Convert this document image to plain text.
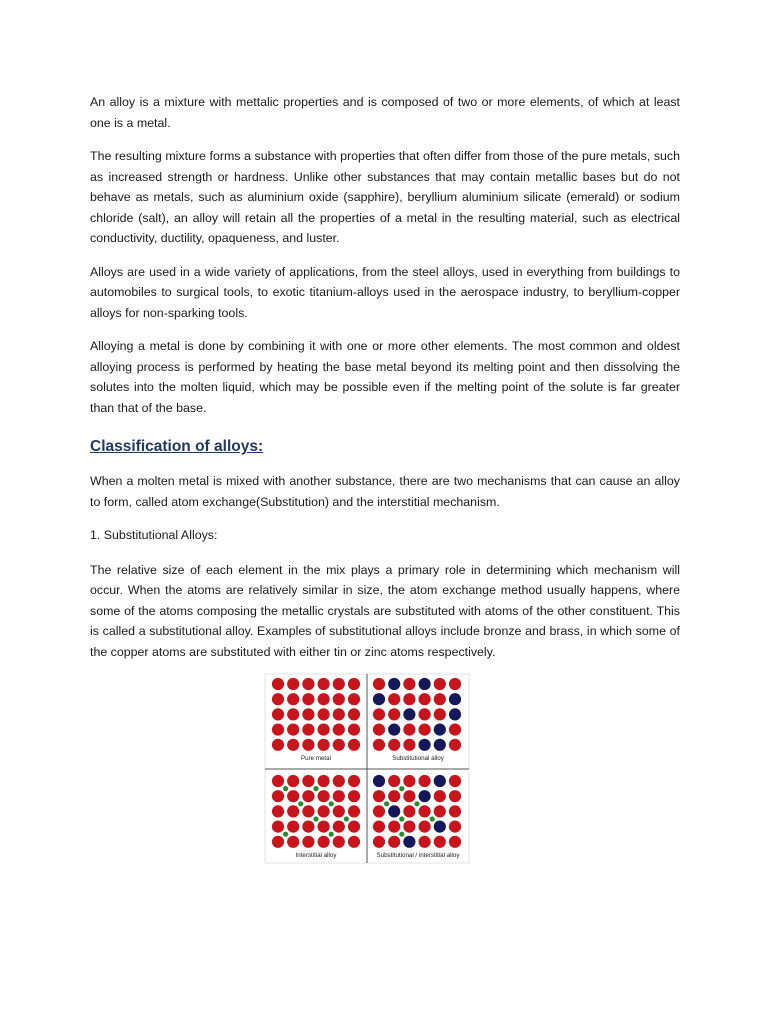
An alloy is a mixture with mettalic properties and is composed of two or more elements, of which at least one is a metal.

The resulting mixture forms a substance with properties that often differ from those of the pure metals, such as increased strength or hardness. Unlike other substances that may contain metallic bases but do not behave as metals, such as aluminium oxide (sapphire), beryllium aluminium silicate (emerald) or sodium chloride (salt), an alloy will retain all the properties of a metal in the resulting material, such as electrical conductivity, ductility, opaqueness, and luster.

Alloys are used in a wide variety of applications, from the steel alloys, used in everything from buildings to automobiles to surgical tools, to exotic titanium-alloys used in the aerospace industry, to beryllium-copper alloys for non-sparking tools.

Alloying a metal is done by combining it with one or more other elements. The most common and oldest alloying process is performed by heating the base metal beyond its melting point and then dissolving the solutes into the molten liquid, which may be possible even if the melting point of the solute is far greater than that of the base.

Classification of alloys:

When a molten metal is mixed with another substance, there are two mechanisms that can cause an alloy to form, called atom exchange(Substitution) and the interstitial mechanism.

1. Substitutional Alloys:

The relative size of each element in the mix plays a primary role in determining which mechanism will occur. When the atoms are relatively similar in size, the atom exchange method usually happens, where some of the atoms composing the metallic crystals are substituted with atoms of the other constituent. This is called a substitutional alloy. Examples of substitutional alloys include bronze and brass, in which some of the copper atoms are substituted with either tin or zinc atoms respectively.

Pure metal	Substitutional alloy
Interstitial alloy	Substitutional / interstitial alloy
